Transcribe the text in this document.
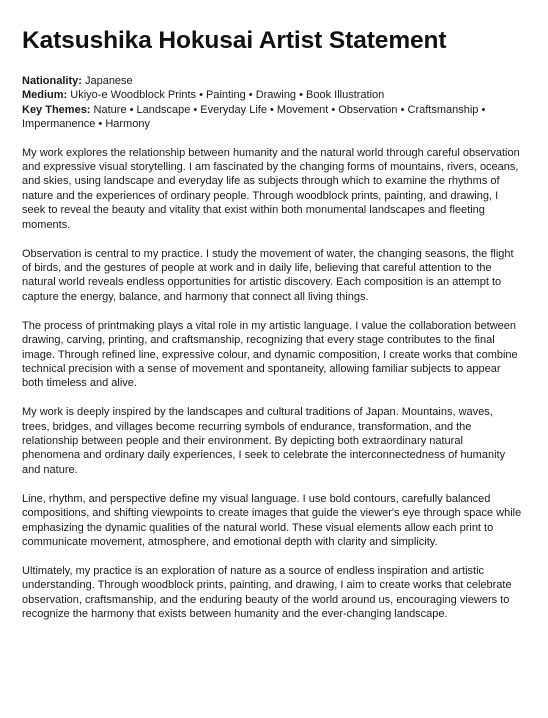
Katsushika Hokusai Artist Statement
Nationality: Japanese
Medium: Ukiyo-e Woodblock Prints • Painting • Drawing • Book Illustration
Key Themes: Nature • Landscape • Everyday Life • Movement • Observation • Craftsmanship • Impermanence • Harmony

My work explores the relationship between humanity and the natural world through careful observation and expressive visual storytelling. I am fascinated by the changing forms of mountains, rivers, oceans, and skies, using landscape and everyday life as subjects through which to examine the rhythms of nature and the experiences of ordinary people. Through woodblock prints, painting, and drawing, I seek to reveal the beauty and vitality that exist within both monumental landscapes and fleeting moments.

Observation is central to my practice. I study the movement of water, the changing seasons, the flight of birds, and the gestures of people at work and in daily life, believing that careful attention to the natural world reveals endless opportunities for artistic discovery. Each composition is an attempt to capture the energy, balance, and harmony that connect all living things.

The process of printmaking plays a vital role in my artistic language. I value the collaboration between drawing, carving, printing, and craftsmanship, recognizing that every stage contributes to the final image. Through refined line, expressive colour, and dynamic composition, I create works that combine technical precision with a sense of movement and spontaneity, allowing familiar subjects to appear both timeless and alive.

My work is deeply inspired by the landscapes and cultural traditions of Japan. Mountains, waves, trees, bridges, and villages become recurring symbols of endurance, transformation, and the relationship between people and their environment. By depicting both extraordinary natural phenomena and ordinary daily experiences, I seek to celebrate the interconnectedness of humanity and nature.

Line, rhythm, and perspective define my visual language. I use bold contours, carefully balanced compositions, and shifting viewpoints to create images that guide the viewer's eye through space while emphasizing the dynamic qualities of the natural world. These visual elements allow each print to communicate movement, atmosphere, and emotional depth with clarity and simplicity.

Ultimately, my practice is an exploration of nature as a source of endless inspiration and artistic understanding. Through woodblock prints, painting, and drawing, I aim to create works that celebrate observation, craftsmanship, and the enduring beauty of the world around us, encouraging viewers to recognize the harmony that exists between humanity and the ever-changing landscape.
